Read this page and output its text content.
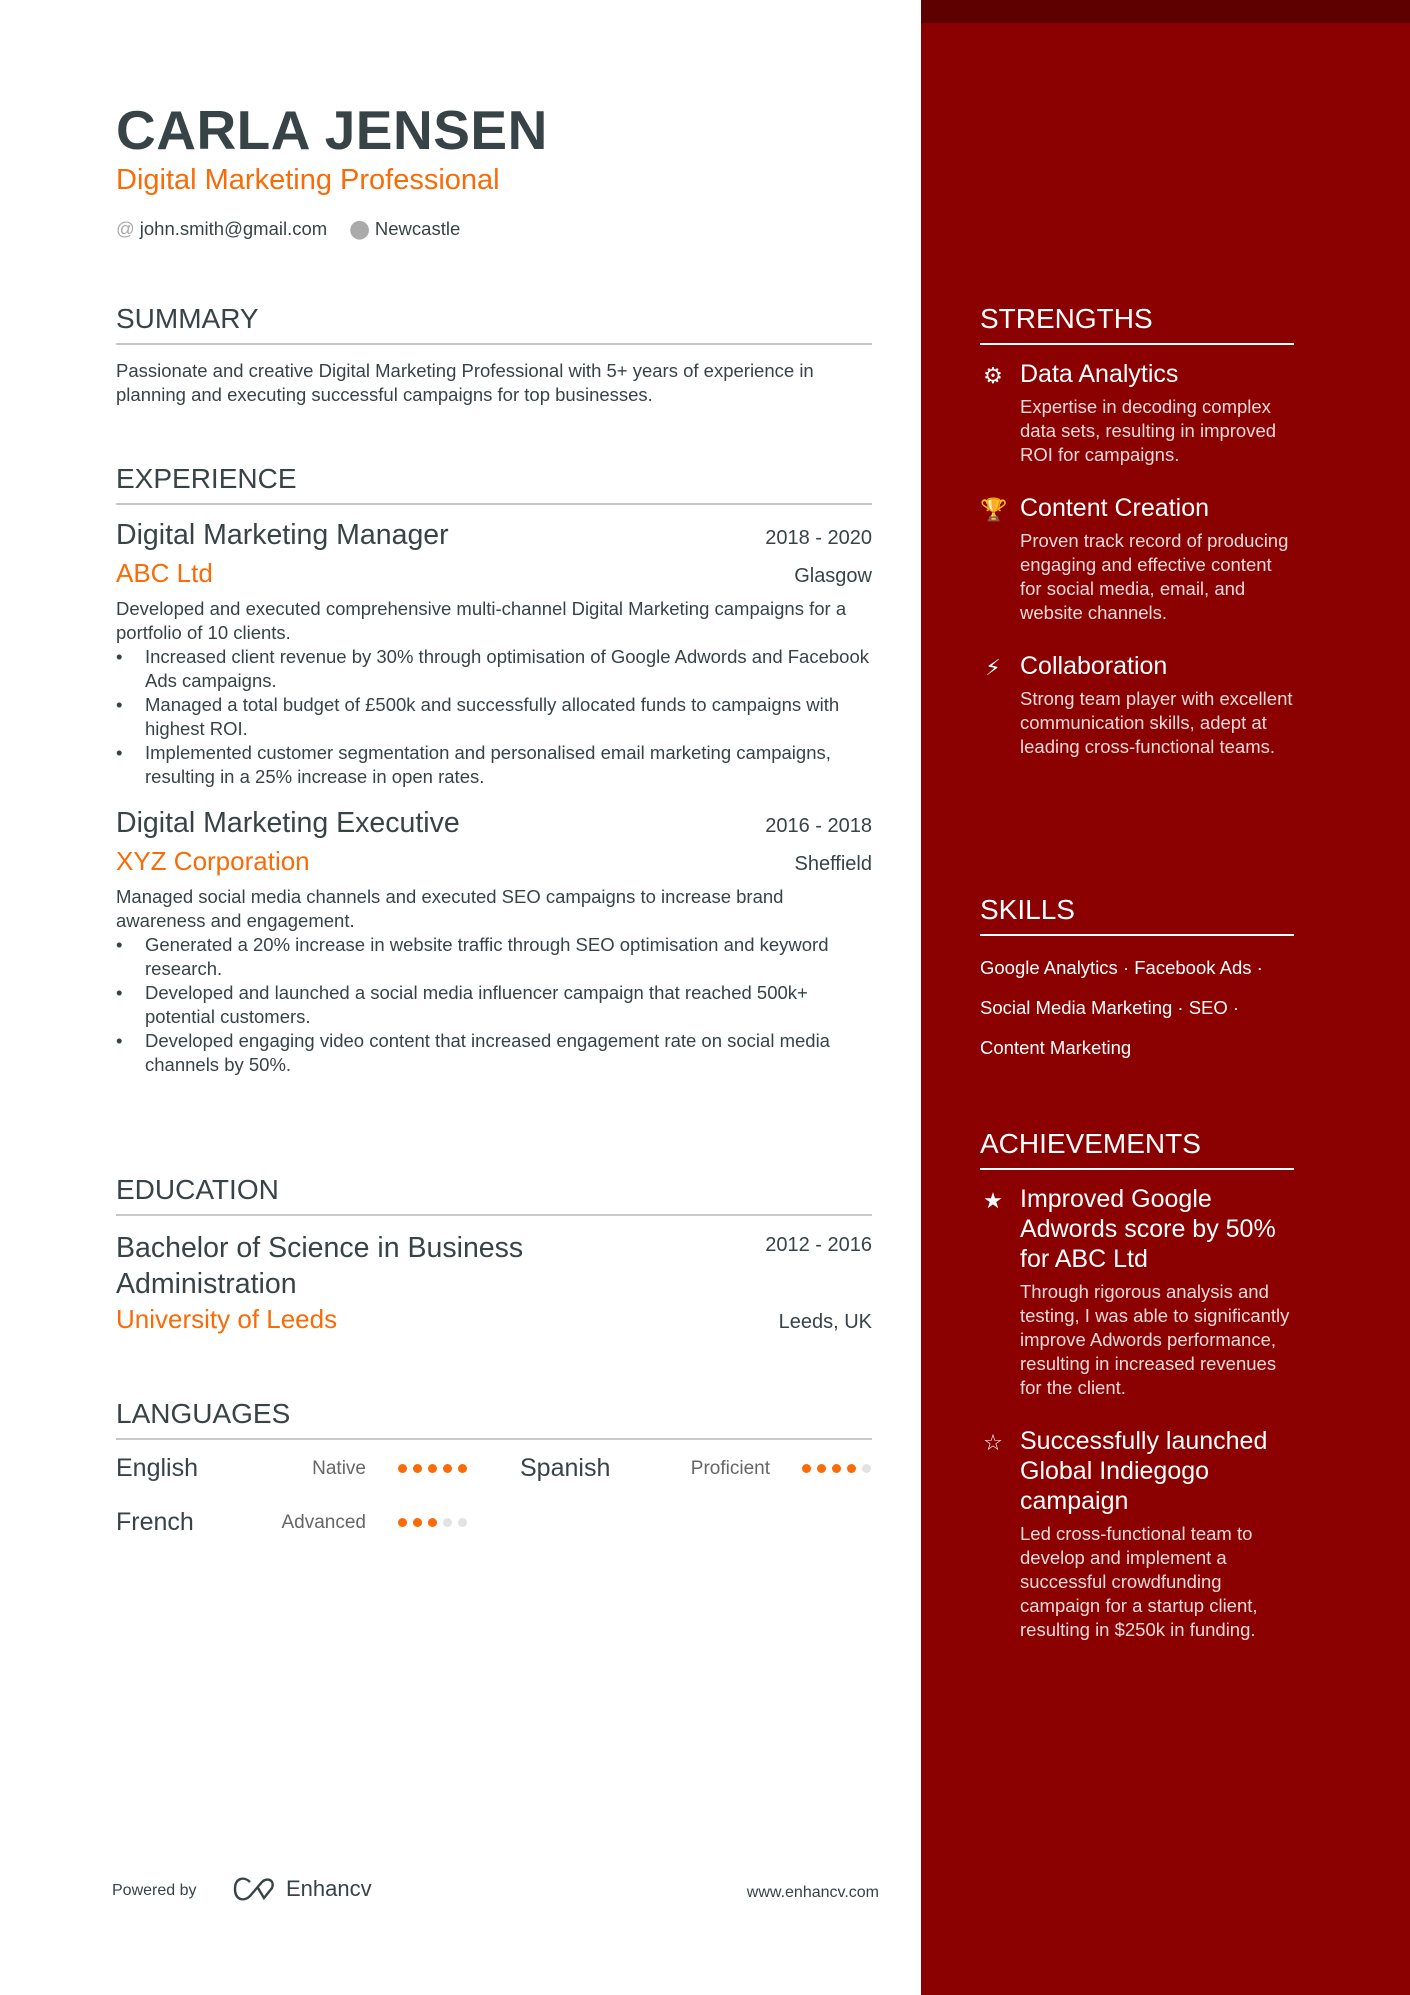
CARLA JENSEN
Digital Marketing Professional
@ john.smith@gmail.com ⬤ Newcastle
SUMMARY
Passionate and creative Digital Marketing Professional with 5+ years of experience in planning and executing successful campaigns for top businesses.
EXPERIENCE
Digital Marketing Manager	2018 - 2020
ABC Ltd	Glasgow
Developed and executed comprehensive multi-channel Digital Marketing campaigns for a portfolio of 10 clients.
• Increased client revenue by 30% through optimisation of Google Adwords and Facebook Ads campaigns.
• Managed a total budget of £500k and successfully allocated funds to campaigns with highest ROI.
• Implemented customer segmentation and personalised email marketing campaigns, resulting in a 25% increase in open rates.
Digital Marketing Executive	2016 - 2018
XYZ Corporation	Sheffield
Managed social media channels and executed SEO campaigns to increase brand awareness and engagement.
• Generated a 20% increase in website traffic through SEO optimisation and keyword research.
• Developed and launched a social media influencer campaign that reached 500k+ potential customers.
• Developed engaging video content that increased engagement rate on social media channels by 50%.
EDUCATION
Bachelor of Science in Business Administration
2012 - 2016
University of Leeds	Leeds, UK
LANGUAGES
English	Native	Spanish	Proficient
French	Advanced
Powered by	Enhancv	www.enhancv.com
STRENGTHS
⚙ Data Analytics
Expertise in decoding complex data sets, resulting in improved ROI for campaigns.
🏆 Content Creation
Proven track record of producing engaging and effective content for social media, email, and website channels.
⚡ Collaboration
Strong team player with excellent communication skills, adept at leading cross-functional teams.
SKILLS
Google Analytics · Facebook Ads ·
Social Media Marketing · SEO ·
Content Marketing
ACHIEVEMENTS
★ Improved Google Adwords score by 50% for ABC Ltd
Through rigorous analysis and testing, I was able to significantly improve Adwords performance, resulting in increased revenues for the client.
☆ Successfully launched Global Indiegogo campaign
Led cross-functional team to develop and implement a successful crowdfunding campaign for a startup client, resulting in $250k in funding.
